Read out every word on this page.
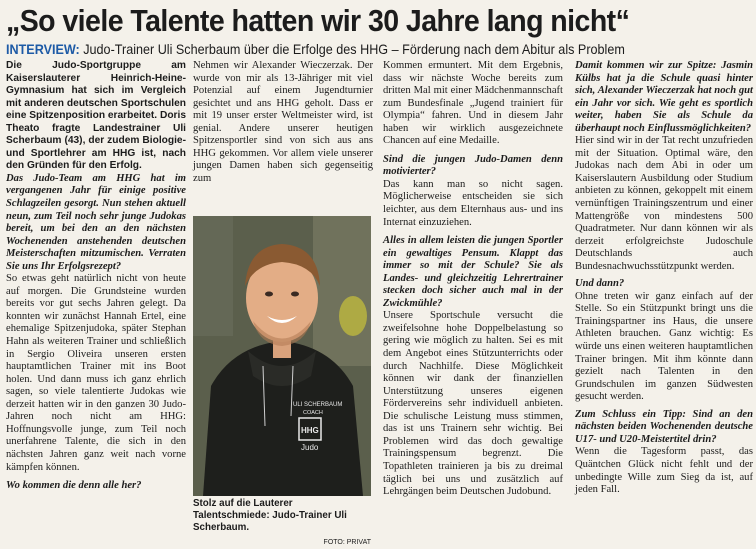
„So viele Talente hatten wir 30 Jahre lang nicht“
INTERVIEW: Judo-Trainer Uli Scherbaum über die Erfolge des HHG – Förderung nach dem Abitur als Problem

Die Judo-Sportgruppe am Kaiserslauterer Heinrich-Heine-Gymnasium hat sich im Vergleich mit anderen deutschen Sportschulen eine Spitzenposition erarbeitet. Doris Theato fragte Landestrainer Uli Scherbaum (43), der zudem Biologie- und Sportlehrer am HHG ist, nach den Gründen für den Erfolg.

Das Judo-Team am HHG hat im vergangenen Jahr für einige positive Schlagzeilen gesorgt. Nun stehen aktuell neun, zum Teil noch sehr junge Judokas bereit, um bei den an den nächsten Wochenenden anstehenden deutschen Meisterschaften mitzumischen. Verraten Sie uns Ihr Erfolgsrezept?

So etwas geht natürlich nicht von heute auf morgen. Die Grundsteine wurden bereits vor gut sechs Jahren gelegt. Da konnten wir zunächst Hannah Ertel, eine ehemalige Spitzenjudoka, später Stephan Hahn als weiteren Trainer und schließlich in Sergio Oliveira unseren ersten hauptamtlichen Trainer mit ins Boot holen. Und dann muss ich ganz ehrlich sagen, so viele talentierte Judokas wie derzeit hatten wir in den ganzen 30 Judo-Jahren noch nicht am HHG: Hoffnungsvolle junge, zum Teil noch unerfahrene Talente, die sich in den nächsten Jahren ganz weit nach vorne kämpfen können.

Wo kommen die denn alle her?

Nehmen wir Alexander Wieczerzak. Der wurde von mir als 13-Jähriger mit viel Potenzial auf einem Jugendturnier gesichtet und ans HHG geholt. Dass er mit 19 unser erster Weltmeister wird, ist genial. Andere unserer heutigen Spitzensportler sind von sich aus ans HHG gekommen. Vor allem viele unserer jungen Damen haben sich gegenseitig zum

ULI SCHERBAUM
COACH
HHG
Judo
Stolz auf die Lauterer Talentschmiede: Judo-Trainer Uli Scherbaum.
FOTO: PRIVAT

Kommen ermuntert. Mit dem Ergebnis, dass wir nächste Woche bereits zum dritten Mal mit einer Mädchenmannschaft zum Bundesfinale „Jugend trainiert für Olympia“ fahren. Und in diesem Jahr haben wir wirklich ausgezeichnete Chancen auf eine Medaille.

Sind die jungen Judo-Damen denn motivierter?

Das kann man so nicht sagen. Möglicherweise entscheiden sie sich leichter, aus dem Elternhaus aus- und ins Internat einzuziehen.

Alles in allem leisten die jungen Sportler ein gewaltiges Pensum. Klappt das immer so mit der Schule? Sie als Landes- und gleichzeitig Lehrertrainer stecken doch sicher auch mal in der Zwickmühle?

Unsere Sportschule versucht die zweifelsohne hohe Doppelbelastung so gering wie möglich zu halten. Sei es mit dem Angebot eines Stützunterrichts oder durch Nachhilfe. Diese Möglichkeit können wir dank der finanziellen Unterstützung unseres eigenen Fördervereins sehr individuell anbieten. Die schulische Leistung muss stimmen, das ist uns Trainern sehr wichtig. Bei Problemen wird das doch gewaltige Trainingspensum begrenzt. Die Topathleten trainieren ja bis zu dreimal täglich bei uns und zusätzlich auf Lehrgängen beim Deutschen Judobund.

Damit kommen wir zur Spitze: Jasmin Külbs hat ja die Schule quasi hinter sich, Alexander Wieczerzak hat noch gut ein Jahr vor sich. Wie geht es sportlich weiter, haben Sie als Schule da überhaupt noch Einflussmöglichkeiten?

Hier sind wir in der Tat recht unzufrieden mit der Situation. Optimal wäre, den Judokas nach dem Abi in oder um Kaiserslautern Ausbildung oder Studium anbieten zu können, gekoppelt mit einem vernünftigen Trainingszentrum und einer Mattengröße von mindestens 500 Quadratmeter. Nur dann können wir als derzeit erfolgreichste Judoschule Deutschlands auch Bundesnachwuchsstützpunkt werden.

Und dann?

Ohne treten wir ganz einfach auf der Stelle. So ein Stützpunkt bringt uns die Trainingspartner ins Haus, die unsere Athleten brauchen. Ganz wichtig: Es würde uns einen weiteren hauptamtlichen Trainer bringen. Mit ihm könnte dann gezielt nach Talenten in den Grundschulen im ganzen Südwesten gesucht werden.

Zum Schluss ein Tipp: Sind an den nächsten beiden Wochenenden deutsche U17- und U20-Meistertitel drin?

Wenn die Tagesform passt, das Quäntchen Glück nicht fehlt und der unbedingte Wille zum Sieg da ist, auf jeden Fall.
